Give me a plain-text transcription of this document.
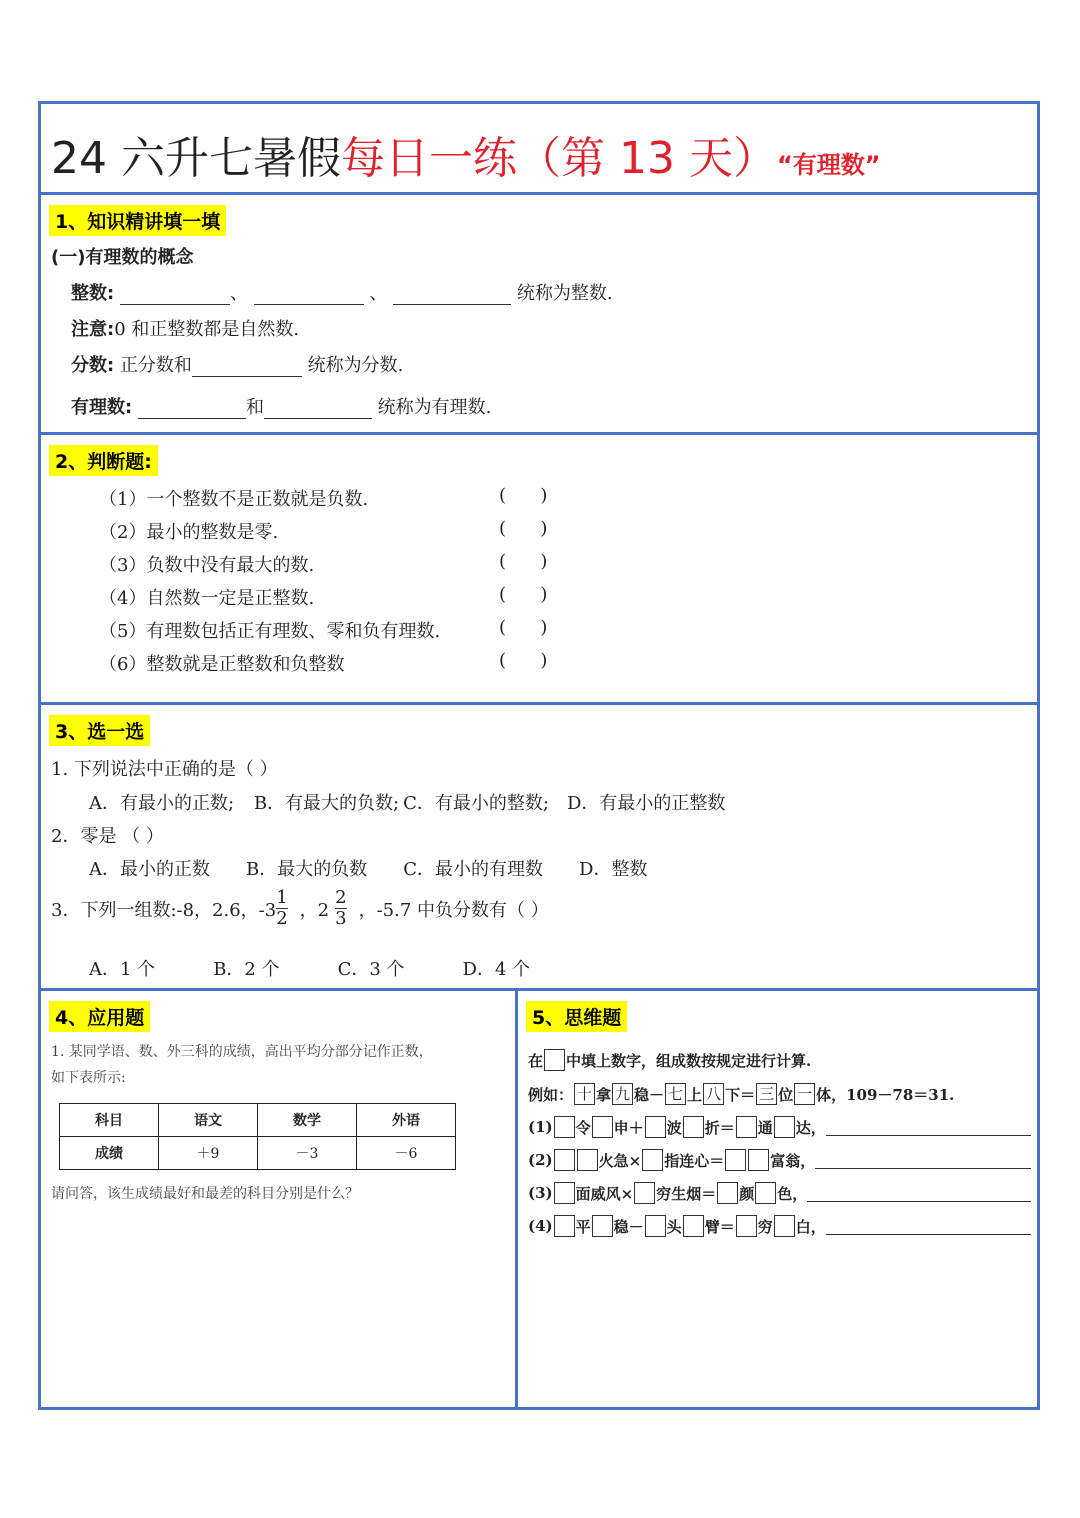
24 六升七暑假每日一练（第 13 天）“有理数”
1、知识精讲填一填
(一)有理数的概念
整数:	、	、	统称为整数.
注意:0 和正整数都是自然数.
分数: 正分数和	统称为分数.
有理数:	和	统称为有理数.
2、判断题:
（1）一个整数不是正数就是负数.	(      )
（2）最小的整数是零.	(      )
（3）负数中没有最大的数.	(      )
（4）自然数一定是正整数.	(      )
（5）有理数包括正有理数、零和负有理数.	(      )
（6）整数就是正整数和负整数	(      )
3、选一选
1. 下列说法中正确的是（ ）
A．有最小的正数; B．有最大的负数; C．有最小的整数; D．有最小的正整数
2．零是 （ ）
A．最小的正数 B．最大的负数 C．最小的有理数 D．整数
3．下列一组数:-8，2.6，$-3 \frac{1}{2}$ ，$2 \frac{2}{3}$ ，-5.7 中负分数有（ ）
A．1 个	B．2 个	C．3 个	D．4 个
4、应用题
1. 某同学语、数、外三科的成绩，高出平均分部分记作正数，
如下表所示:
科目	语文	数学	外语
成绩	＋9	－3	－6
请问答，该生成绩最好和最差的科目分别是什么？
5、思维题
在 中填上数字，组成数按规定进行计算.
例如： 十 拿 九 稳－ 七 上 八 下＝ 三 位 一 体，109－78＝31.
(1) 令 申＋ 波 折＝ 通 达，
(2)	火急× 指连心＝	富翁，
(3) 面威风× 穷生烟＝ 颜 色，
(4) 平 稳－ 头 臂＝ 穷 白，
